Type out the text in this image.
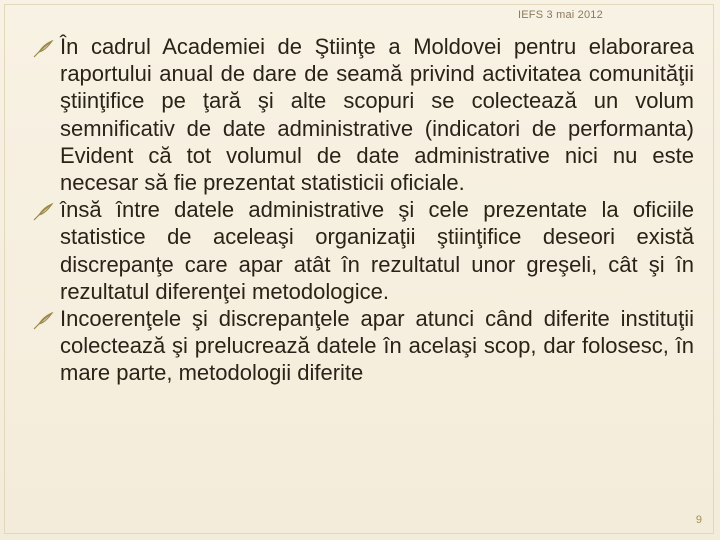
IEFS 3 mai 2012

În cadrul Academiei de Ştiinţe a Moldovei pentru elaborarea raportului anual de dare de seamă privind activitatea comunităţii ştiinţifice pe ţară şi alte scopuri se colectează un volum semnificativ de date administrative (indicatori de performanta) Evident că tot volumul de date administrative nici nu este necesar să fie prezentat statisticii oficiale.

însă între datele administrative şi cele prezentate la oficiile statistice de aceleaşi organizaţii ştiinţifice deseori există discrepanţe care apar atât în rezultatul unor greşeli, cât şi în rezultatul diferenţei metodologice.

Incoerenţele şi discrepanţele apar atunci când diferite instituţii colectează şi prelucrează datele în acelaşi scop, dar folosesc, în mare parte, metodologii diferite

9
